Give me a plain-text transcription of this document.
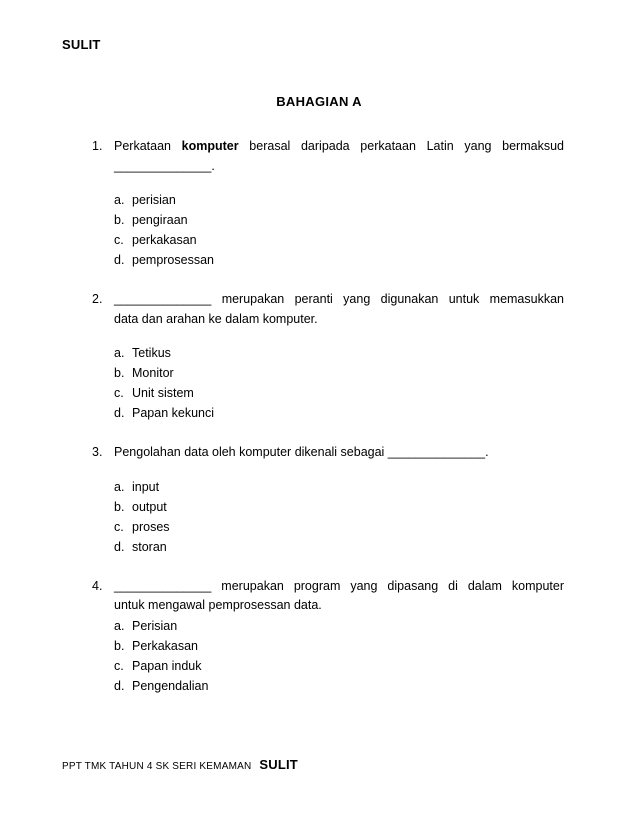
SULIT
BAHAGIAN A
1. Perkataan komputer berasal daripada perkataan Latin yang bermaksud
______________.
a. perisian
b. pengiraan
c. perkakasan
d. pemprosessan
2. ______________ merupakan peranti yang digunakan untuk memasukkan
data dan arahan ke dalam komputer.
a. Tetikus
b. Monitor
c. Unit sistem
d. Papan kekunci
3. Pengolahan data oleh komputer dikenali sebagai ______________.
a. input
b. output
c. proses
d. storan
4. ______________ merupakan program yang dipasang di dalam komputer
untuk mengawal pemprosessan data.
a. Perisian
b. Perkakasan
c. Papan induk
d. Pengendalian
PPT TMK TAHUN 4 SK SERI KEMAMAN SULIT
